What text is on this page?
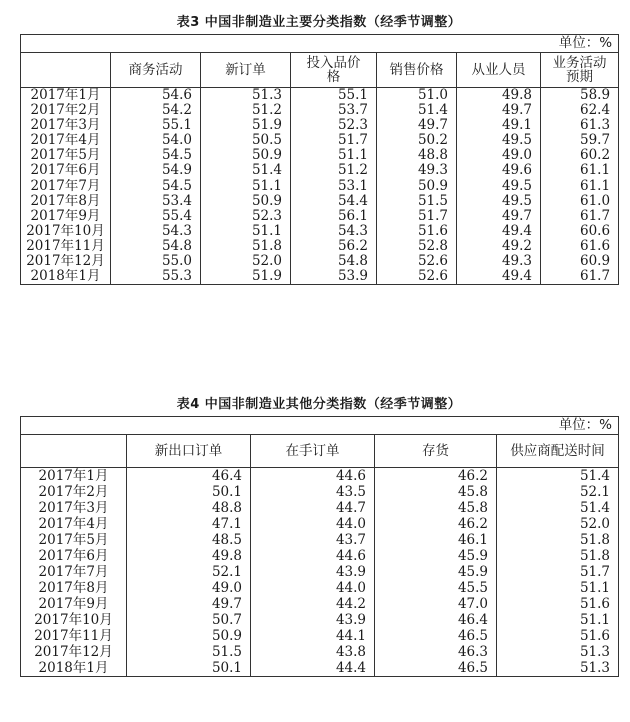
表3 中国非制造业主要分类指数（经季节调整）
单位：%						
	商务活动	新订单	投入品价格	销售价格	从业人员	业务活动预期
2017年1月	54.6	51.3	55.1	51.0	49.8	58.9
2017年2月	54.2	51.2	53.7	51.4	49.7	62.4
2017年3月	55.1	51.9	52.3	49.7	49.1	61.3
2017年4月	54.0	50.5	51.7	50.2	49.5	59.7
2017年5月	54.5	50.9	51.1	48.8	49.0	60.2
2017年6月	54.9	51.4	51.2	49.3	49.6	61.1
2017年7月	54.5	51.1	53.1	50.9	49.5	61.1
2017年8月	53.4	50.9	54.4	51.5	49.5	61.0
2017年9月	55.4	52.3	56.1	51.7	49.7	61.7
2017年10月	54.3	51.1	54.3	51.6	49.4	60.6
2017年11月	54.8	51.8	56.2	52.8	49.2	61.6
2017年12月	55.0	52.0	54.8	52.6	49.3	60.9
2018年1月	55.3	51.9	53.9	52.6	49.4	61.7
表4 中国非制造业其他分类指数（经季节调整）
单位：%				
	新出口订单	在手订单	存货	供应商配送时间
2017年1月	46.4	44.6	46.2	51.4
2017年2月	50.1	43.5	45.8	52.1
2017年3月	48.8	44.7	45.8	51.4
2017年4月	47.1	44.0	46.2	52.0
2017年5月	48.5	43.7	46.1	51.8
2017年6月	49.8	44.6	45.9	51.8
2017年7月	52.1	43.9	45.9	51.7
2017年8月	49.0	44.0	45.5	51.1
2017年9月	49.7	44.2	47.0	51.6
2017年10月	50.7	43.9	46.4	51.1
2017年11月	50.9	44.1	46.5	51.6
2017年12月	51.5	43.8	46.3	51.3
2018年1月	50.1	44.4	46.5	51.3
